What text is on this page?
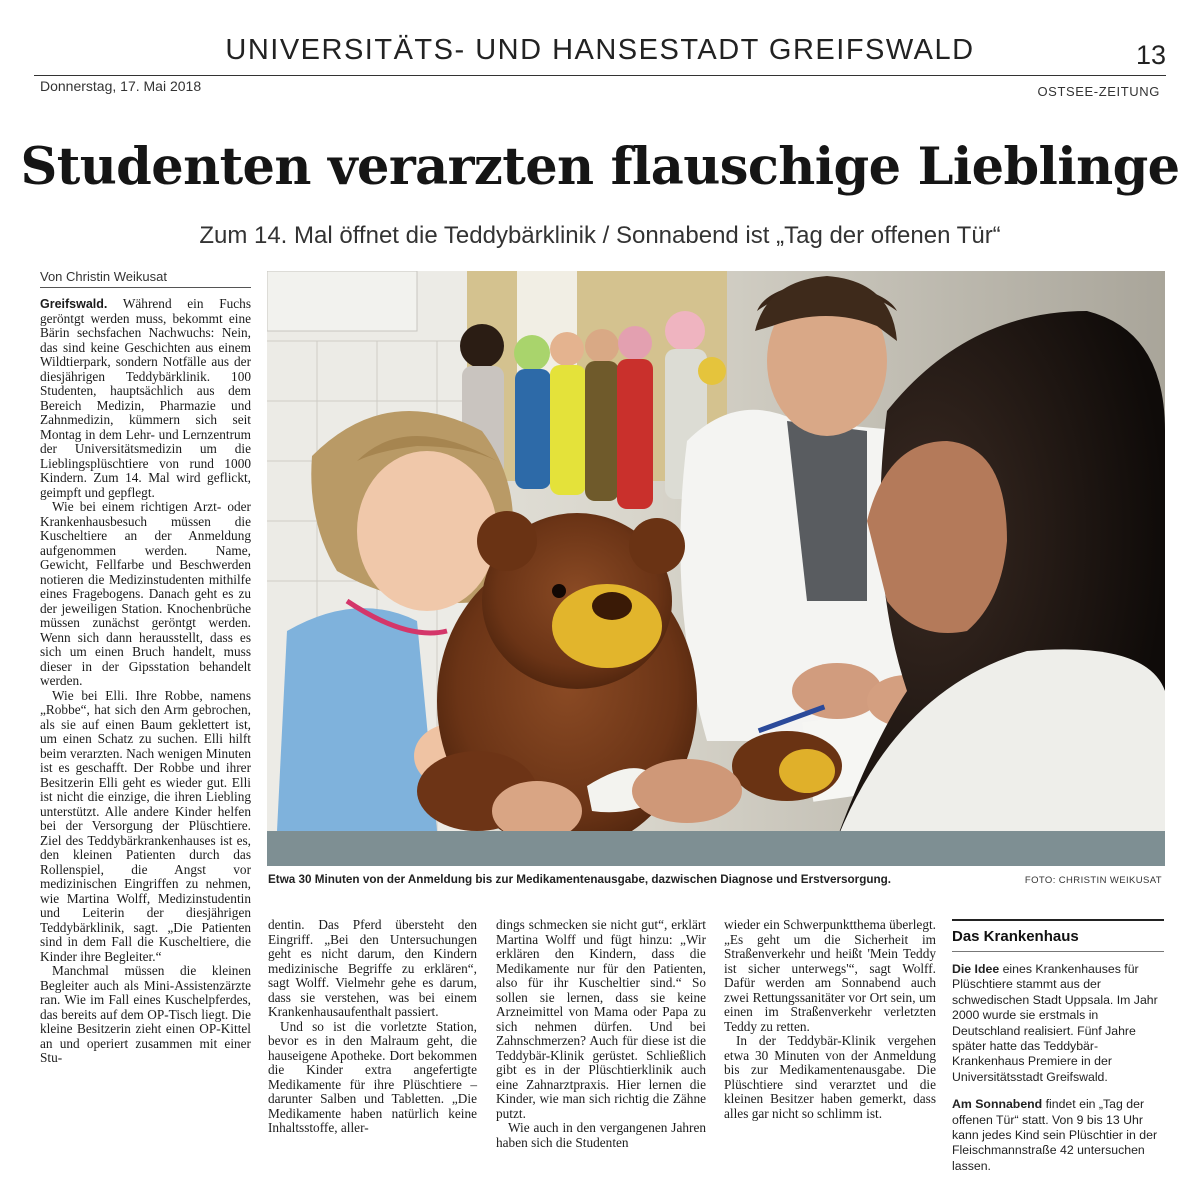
UNIVERSITÄTS- UND HANSESTADT GREIFSWALD	13
Donnerstag, 17. Mai 2018	OSTSEE-ZEITUNG
Studenten verarzten flauschige Lieblinge
Zum 14. Mal öffnet die Teddybärklinik / Sonnabend ist „Tag der offenen Tür“
Von Christin Weikusat

Greifswald. Während ein Fuchs geröntgt werden muss, bekommt eine Bärin sechsfachen Nachwuchs: Nein, das sind keine Geschichten aus einem Wildtierpark, sondern Notfälle aus der diesjährigen Teddybärklinik. 100 Studenten, hauptsächlich aus dem Bereich Medizin, Pharmazie und Zahnmedizin, kümmern sich seit Montag in dem Lehr- und Lernzentrum der Universitätsmedizin um die Lieblingsplüschtiere von rund 1000 Kindern. Zum 14. Mal wird geflickt, geimpft und gepflegt.

Wie bei einem richtigen Arzt- oder Krankenhausbesuch müssen die Kuscheltiere an der Anmeldung aufgenommen werden. Name, Gewicht, Fellfarbe und Beschwerden notieren die Medizinstudenten mithilfe eines Fragebogens. Danach geht es zu der jeweiligen Station. Knochenbrüche müssen zunächst geröntgt werden. Wenn sich dann herausstellt, dass es sich um einen Bruch handelt, muss dieser in der Gipsstation behandelt werden.

Wie bei Elli. Ihre Robbe, namens „Robbe“, hat sich den Arm gebrochen, als sie auf einen Baum geklettert ist, um einen Schatz zu suchen. Elli hilft beim verarzten. Nach wenigen Minuten ist es geschafft. Der Robbe und ihrer Besitzerin Elli geht es wieder gut. Elli ist nicht die einzige, die ihren Liebling unterstützt. Alle andere Kinder helfen bei der Versorgung der Plüschtiere. Ziel des Teddybärkrankenhauses ist es, den kleinen Patienten durch das Rollenspiel, die Angst vor medizinischen Eingriffen zu nehmen, wie Martina Wolff, Medizinstudentin und Leiterin der diesjährigen Teddybärklinik, sagt. „Die Patienten sind in dem Fall die Kuscheltiere, die Kinder ihre Begleiter.“

Manchmal müssen die kleinen Begleiter auch als Mini-Assistenzärzte ran. Wie im Fall eines Kuschelpferdes, das bereits auf dem OP-Tisch liegt. Die kleine Besitzerin zieht einen OP-Kittel an und operiert zusammen mit einer Stu-

Etwa 30 Minuten von der Anmeldung bis zur Medikamentenausgabe, dazwischen Diagnose und Erstversorgung.	FOTO: CHRISTIN WEIKUSAT

dentin. Das Pferd übersteht den Eingriff. „Bei den Untersuchungen geht es nicht darum, den Kindern medizinische Begriffe zu erklären“, sagt Wolff. Vielmehr gehe es darum, dass sie verstehen, was bei einem Krankenhausaufenthalt passiert.

Und so ist die vorletzte Station, bevor es in den Malraum geht, die hauseigene Apotheke. Dort bekommen die Kinder extra angefertigte Medikamente für ihre Plüschtiere – darunter Salben und Tabletten. „Die Medikamente haben natürlich keine Inhaltsstoffe, aller-

dings schmecken sie nicht gut“, erklärt Martina Wolff und fügt hinzu: „Wir erklären den Kindern, dass die Medikamente nur für den Patienten, also für ihr Kuscheltier sind.“ So sollen sie lernen, dass sie keine Arzneimittel von Mama oder Papa zu sich nehmen dürfen. Und bei Zahnschmerzen? Auch für diese ist die Teddybär-Klinik gerüstet. Schließlich gibt es in der Plüschtierklinik auch eine Zahnarztpraxis. Hier lernen die Kinder, wie man sich richtig die Zähne putzt.

Wie auch in den vergangenen Jahren haben sich die Studenten

wieder ein Schwerpunktthema überlegt. „Es geht um die Sicherheit im Straßenverkehr und heißt 'Mein Teddy ist sicher unterwegs'“, sagt Wolff. Dafür werden am Sonnabend auch zwei Rettungssanitäter vor Ort sein, um einen im Straßenverkehr verletzten Teddy zu retten.

In der Teddybär-Klinik vergehen etwa 30 Minuten von der Anmeldung bis zur Medikamentenausgabe. Die Plüschtiere sind verarztet und die kleinen Besitzer haben gemerkt, dass alles gar nicht so schlimm ist.

Das Krankenhaus

Die Idee eines Krankenhauses für Plüschtiere stammt aus der schwedischen Stadt Uppsala. Im Jahr 2000 wurde sie erstmals in Deutschland realisiert. Fünf Jahre später hatte das Teddybär-Krankenhaus Premiere in der Universitätsstadt Greifswald.

Am Sonnabend findet ein „Tag der offenen Tür“ statt. Von 9 bis 13 Uhr kann jedes Kind sein Plüschtier in der Fleischmannstraße 42 untersuchen lassen.
